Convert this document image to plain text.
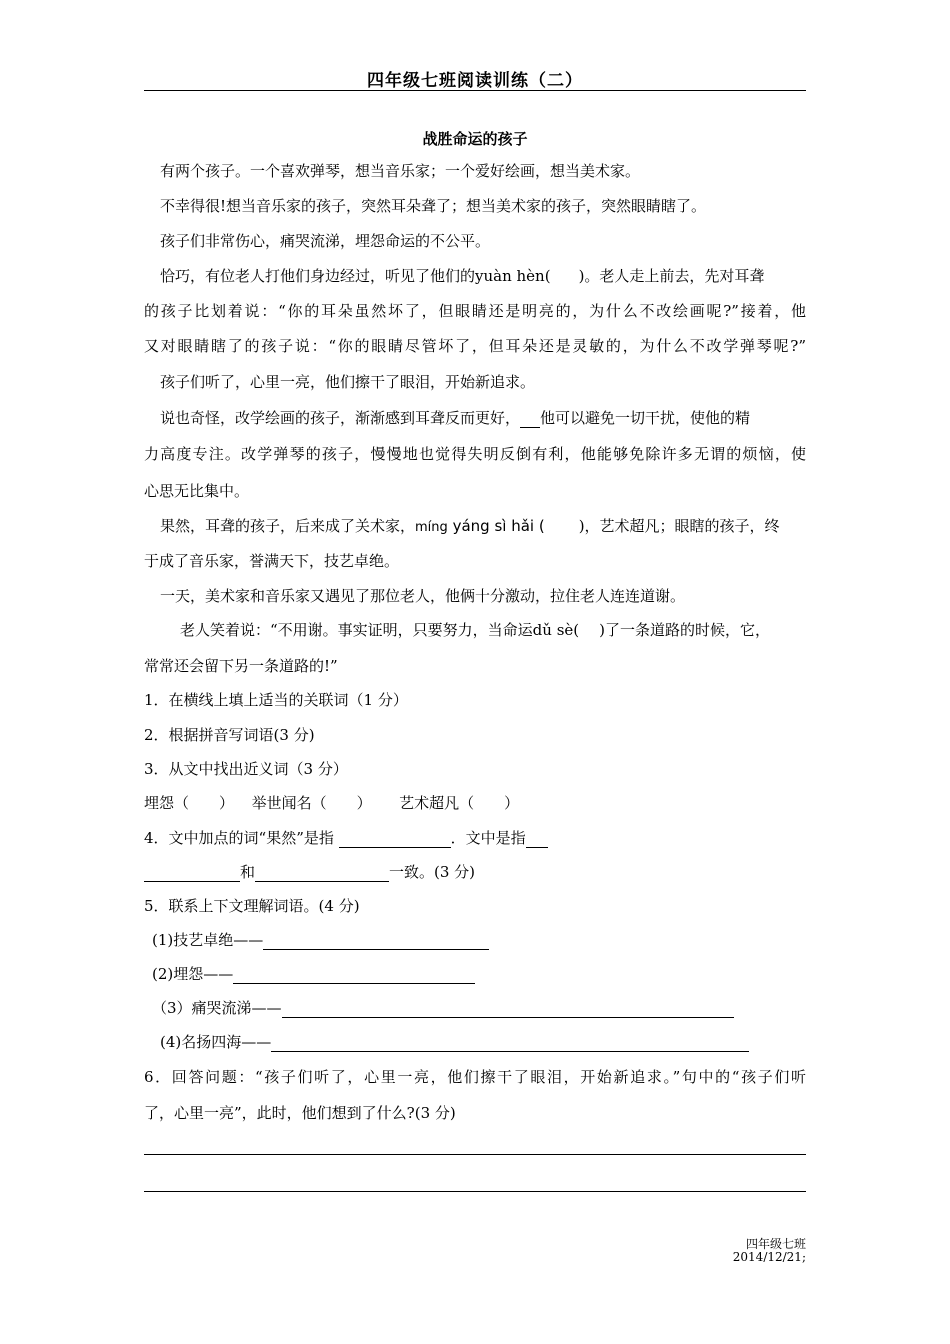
四年级七班阅读训练（二）
战胜命运的孩子
有两个孩子。一个喜欢弹琴，想当音乐家；一个爱好绘画，想当美术家。
不幸得很!想当音乐家的孩子，突然耳朵聋了；想当美术家的孩子，突然眼睛瞎了。
孩子们非常伤心，痛哭流涕，埋怨命运的不公平。
恰巧，有位老人打他们身边经过，听见了他们的yuàn hèn( )。老人走上前去，先对耳聋
的孩子比划着说：“你的耳朵虽然坏了，但眼睛还是明亮的，为什么不改绘画呢?”接着，他
又对眼睛瞎了的孩子说：“你的眼睛尽管坏了，但耳朵还是灵敏的，为什么不改学弹琴呢?”
孩子们听了，心里一亮，他们擦干了眼泪，开始新追求。
说也奇怪，改学绘画的孩子，渐渐感到耳聋反而更好， 他可以避免一切干扰，使他的精
力高度专注。改学弹琴的孩子，慢慢地也觉得失明反倒有利，他能够免除许多无谓的烦恼，使
心思无比集中。
果然，耳聋的孩子，后来成了关术家，míng yáng sì hǎi ( )，艺术超凡；眼瞎的孩子，终
于成了音乐家，誉满天下，技艺卓绝。
一天，美术家和音乐家又遇见了那位老人，他俩十分激动，拉住老人连连道谢。
老人笑着说：“不用谢。事实证明，只要努力，当命运dǔ sè( )了一条道路的时候，它，
常常还会留下另一条道路的!”
1．在横线上填上适当的关联词（1 分）
2．根据拼音写词语(3 分)
3．从文中找出近义词（3 分）
埋怨（　　） 举世闻名（　　） 艺术超凡（　　）
4．文中加点的词“果然”是指	．文中是指
和	一致。(3 分)
5．联系上下文理解词语。(4 分)
(1)技艺卓绝——
(2)埋怨——
（3）痛哭流涕——
(4)名扬四海——
6．回答问题：“孩子们听了，心里一亮，他们擦干了眼泪，开始新追求。”句中的“孩子们听
了，心里一亮”，此时，他们想到了什么?(3 分)
四年级七班
2014/12/21;
